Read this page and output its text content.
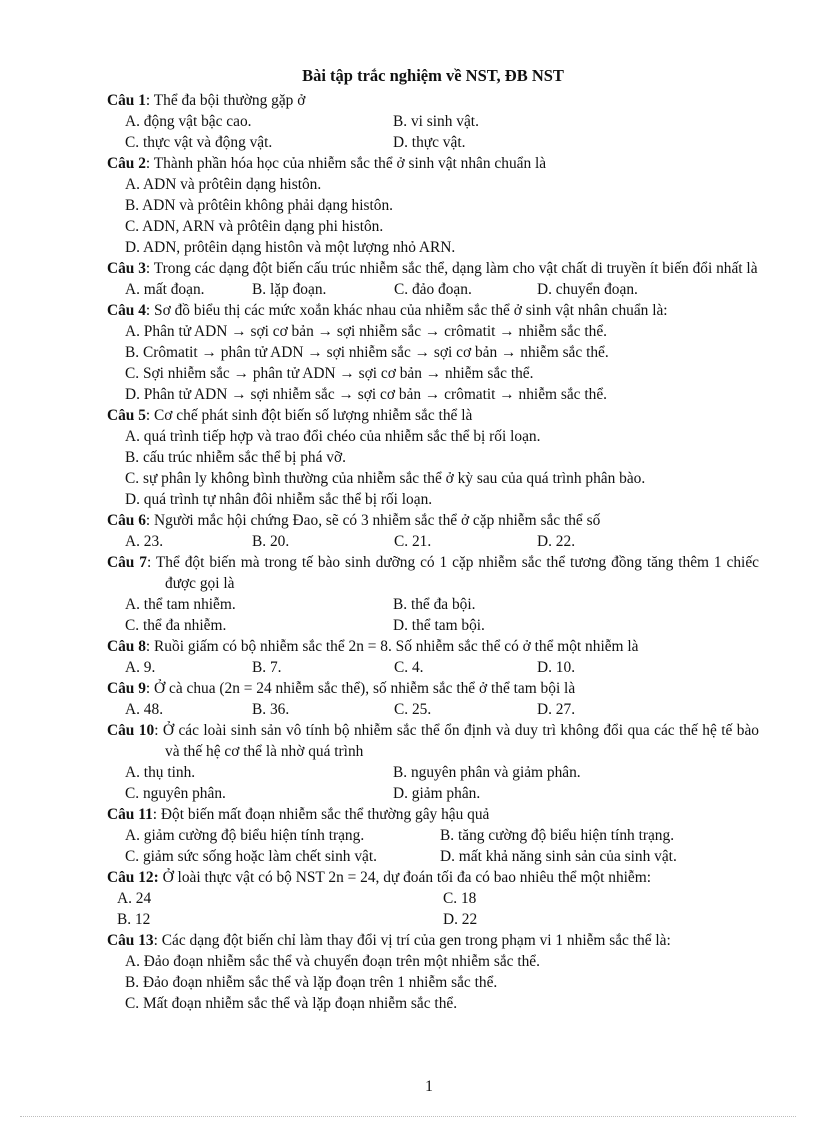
Bài tập trắc nghiệm về NST, ĐB NST
Câu 1: Thể đa bội thường gặp ở
A. động vật bậc cao.	B. vi sinh vật.
C. thực vật và động vật.	D. thực vật.
Câu 2: Thành phần hóa học của nhiễm sắc thể ở sinh vật nhân chuẩn là
A. ADN và prôtêin dạng histôn.
B. ADN và prôtêin không phải dạng histôn.
C. ADN, ARN và prôtêin dạng phi histôn.
D. ADN, prôtêin dạng histôn và một lượng nhỏ ARN.
Câu 3: Trong các dạng đột biến cấu trúc nhiễm sắc thể, dạng làm cho vật chất di truyền ít biến đổi nhất là
A. mất đoạn.	B. lặp đoạn.	C. đảo đoạn.	D. chuyển đoạn.
Câu 4: Sơ đồ biểu thị các mức xoắn khác nhau của nhiễm sắc thể ở sinh vật nhân chuẩn là:
A. Phân tử ADN → sợi cơ bản → sợi nhiễm sắc → crômatit → nhiễm sắc thể.
B. Crômatit → phân tử ADN → sợi nhiễm sắc → sợi cơ bản → nhiễm sắc thể.
C. Sợi nhiễm sắc → phân tử ADN → sợi cơ bản → nhiễm sắc thể.
D. Phân tử ADN → sợi nhiễm sắc → sợi cơ bản → crômatit → nhiễm sắc thể.
Câu 5: Cơ chế phát sinh đột biến số lượng nhiễm sắc thể là
A. quá trình tiếp hợp và trao đổi chéo của nhiễm sắc thể bị rối loạn.
B. cấu trúc nhiễm sắc thể bị phá vỡ.
C. sự phân ly không bình thường của nhiễm sắc thể ở kỳ sau của quá trình phân bào.
D. quá trình tự nhân đôi nhiễm sắc thể bị rối loạn.
Câu 6: Người mắc hội chứng Đao, sẽ có 3 nhiễm sắc thể ở cặp nhiễm sắc thể số
A. 23.	B. 20.	C. 21.	D. 22.
Câu 7: Thể đột biến mà trong tế bào sinh dưỡng có 1 cặp nhiễm sắc thể tương đồng tăng thêm 1 chiếc được gọi là
A. thể tam nhiễm.	B. thể đa bội.
C. thể đa nhiễm.	D. thể tam bội.
Câu 8: Ruồi giấm có bộ nhiễm sắc thể 2n = 8. Số nhiễm sắc thể có ở thể một nhiễm là
A. 9.	B. 7.	C. 4.	D. 10.
Câu 9: Ở cà chua (2n = 24 nhiễm sắc thể), số nhiễm sắc thể ở thể tam bội là
A. 48.	B. 36.	C. 25.	D. 27.
Câu 10: Ở các loài sinh sản vô tính bộ nhiễm sắc thể ổn định và duy trì không đổi qua các thế hệ tế bào và thế hệ cơ thể là nhờ quá trình
A. thụ tinh.	B. nguyên phân và giảm phân.
C. nguyên phân.	D. giảm phân.
Câu 11: Đột biến mất đoạn nhiễm sắc thể thường gây hậu quả
A. giảm cường độ biểu hiện tính trạng.	B. tăng cường độ biểu hiện tính trạng.
C. giảm sức sống hoặc làm chết sinh vật.	D. mất khả năng sinh sản của sinh vật.
Câu 12: Ở loài thực vật có bộ NST 2n = 24, dự đoán tối đa có bao nhiêu thể một nhiễm:
A. 24	C. 18
B. 12	D. 22
Câu 13: Các dạng đột biến chỉ làm thay đổi vị trí của gen trong phạm vi 1 nhiễm sắc thể là:
A. Đảo đoạn nhiễm sắc thể và chuyển đoạn trên một nhiễm sắc thể.
B. Đảo đoạn nhiễm sắc thể và lặp đoạn trên 1 nhiễm sắc thể.
C. Mất đoạn nhiễm sắc thể và lặp đoạn nhiễm sắc thể.
1
